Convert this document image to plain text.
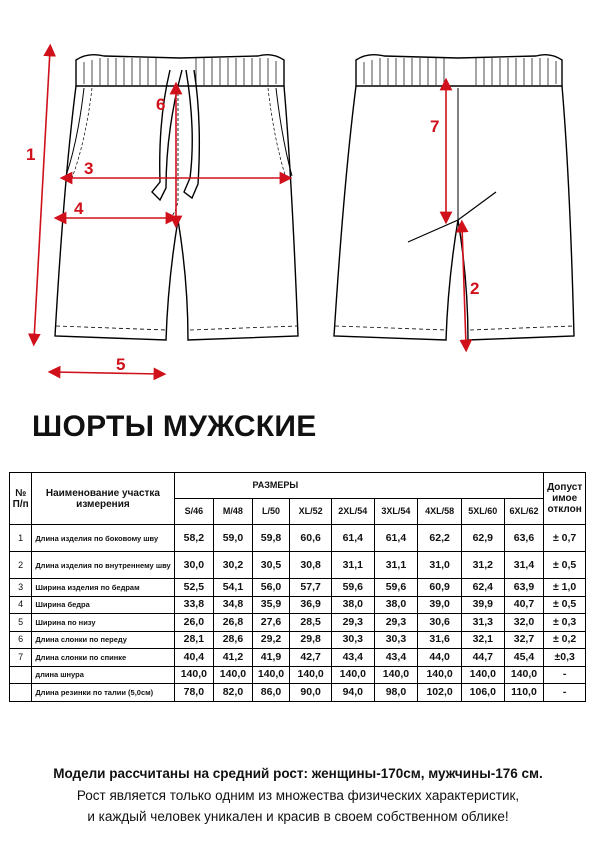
1
3
4
5
6
7
2
ШОРТЫ МУЖСКИЕ
№ П/п	Наименование участка измерения	РАЗМЕРЫ									Допуст имое отклон
		S/46	M/48	L/50	XL/52	2XL/54	3XL/54	4XL/58	5XL/60	6XL/62	
1	Длина изделия по боковому шву	58,2	59,0	59,8	60,6	61,4	61,4	62,2	62,9	63,6	± 0,7
2	Длина изделия по внутреннему шву	30,0	30,2	30,5	30,8	31,1	31,1	31,0	31,2	31,4	± 0,5
3	Ширина изделия по бедрам	52,5	54,1	56,0	57,7	59,6	59,6	60,9	62,4	63,9	± 1,0
4	Ширина бедра	33,8	34,8	35,9	36,9	38,0	38,0	39,0	39,9	40,7	± 0,5
5	Ширина по низу	26,0	26,8	27,6	28,5	29,3	29,3	30,6	31,3	32,0	± 0,3
6	Длина слонки по переду	28,1	28,6	29,2	29,8	30,3	30,3	31,6	32,1	32,7	± 0,2
7	Длина слонки по спинке	40,4	41,2	41,9	42,7	43,4	43,4	44,0	44,7	45,4	±0,3
	длина шнура	140,0	140,0	140,0	140,0	140,0	140,0	140,0	140,0	140,0	-
	Длина резинки по талии (5,0см)	78,0	82,0	86,0	90,0	94,0	98,0	102,0	106,0	110,0	-
Модели рассчитаны на средний рост: женщины-170см, мужчины-176 см.
Рост является только одним из множества физических характеристик,
и каждый человек уникален и красив в своем собственном облике!
